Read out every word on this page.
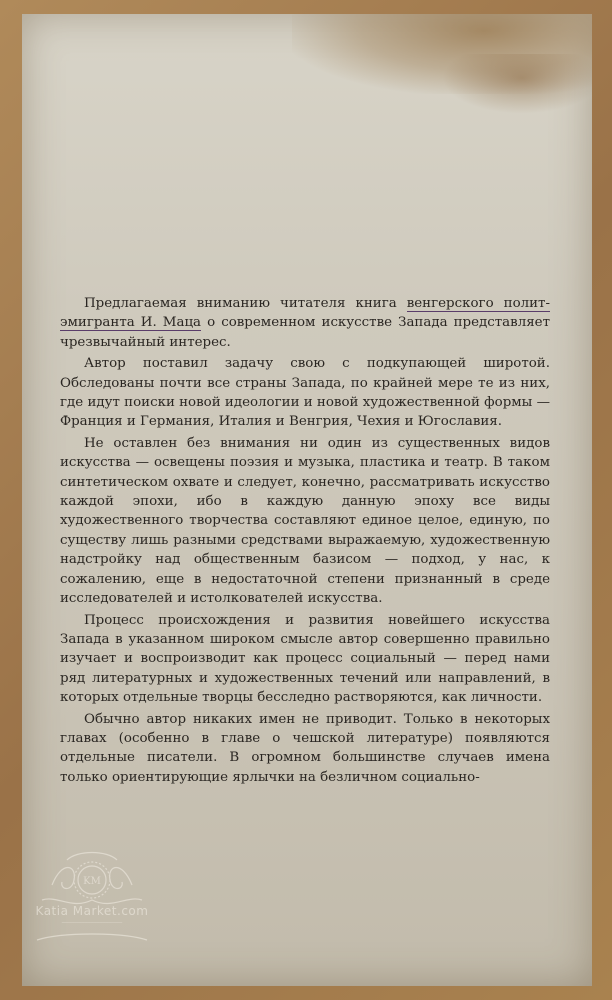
Предлагаемая вниманию читателя книга венгерского полит- эмигранта И. Маца о современном искусстве Запада представляет чрезвычайный интерес.

Автор поставил задачу свою с подкупающей широтой. Обследованы почти все страны Запада, по крайней мере те из них, где идут поиски новой идеологии и новой художественной формы — Франция и Германия, Италия и Венгрия, Чехия и Югославия.

Не оставлен без внимания ни один из существенных видов искусства — освещены поэзия и музыка, пластика и театр. В таком синтетическом охвате и следует, конечно, рассматривать искусство каждой эпохи, ибо в каждую данную эпоху все виды художественного творчества составляют единое целое, единую, по существу лишь разными средствами выражаемую, художественную надстройку над общественным базисом — подход, у нас, к сожалению, еще в недостаточной степени признанный в среде исследователей и истолкователей искусства.

Процесс происхождения и развития новейшего искусства Запада в указанном широком смысле автор совершенно правильно изучает и воспроизводит как процесс социальный — перед нами ряд литературных и художественных течений или направлений, в которых отдельные творцы бесследно растворяются, как личности.

Обычно автор никаких имен не приводит. Только в некоторых главах (особенно в главе о чешской литературе) появляются отдельные писатели. В огромном большинстве случаев имена только ориентирующие ярлычки на безличном социально-

KM
Katia Market.com
────────────────────
